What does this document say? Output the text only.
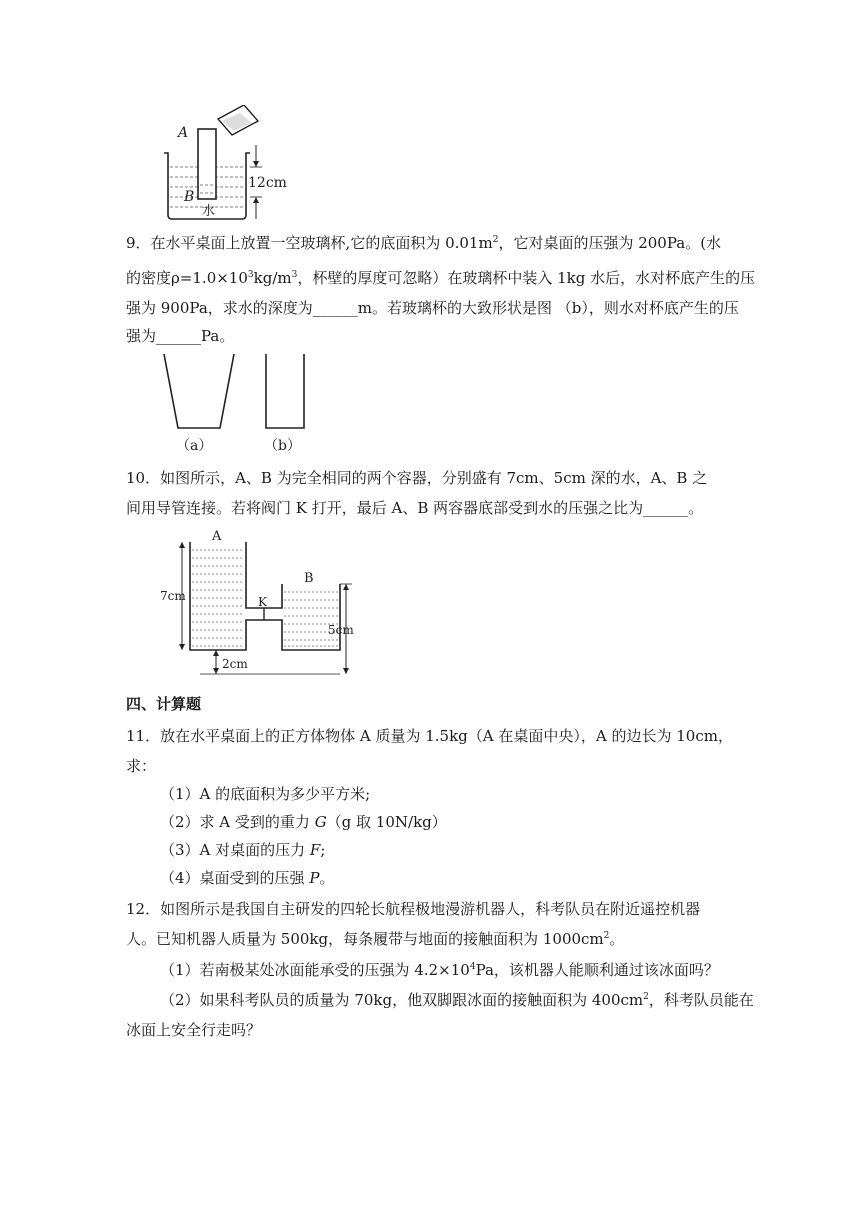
12cm
A
B
水
9．在水平桌面上放置一空玻璃杯,它的底面积为 $0.01m^2$，它对桌面的压强为 200Pa。(水
的密度$\rho=1.0\times 10^3kg/m^3$，杯壁的厚度可忽略）在玻璃杯中装入 1kg 水后，水对杯底产生的压
强为 900Pa，求水的深度为______m。若玻璃杯的大致形状是图 （b），则水对杯底产生的压
强为______Pa。
（a）	（b）
10．如图所示，A、B 为完全相同的两个容器，分别盛有 7cm、5cm 深的水，A、B 之
间用导管连接。若将阀门 K 打开，最后 A、B 两容器底部受到水的压强之比为______。
K
A
B
7cm
5cm
2cm
四、计算题
11．放在水平桌面上的正方体物体 A 质量为 1.5kg（A 在桌面中央），A 的边长为 10cm，
求：
（1）A 的底面积为多少平方米;
（2）求 A 受到的重力 G（g 取 10N/kg）
（3）A 对桌面的压力 F;
（4）桌面受到的压强 P。
12．如图所示是我国自主研发的四轮长航程极地漫游机器人，科考队员在附近遥控机器
人。已知机器人质量为 500kg，每条履带与地面的接触面积为 $1000cm^2$。
（1）若南极某处冰面能承受的压强为 $4.2\times 10^4Pa$，该机器人能顺利通过该冰面吗？
（2）如果科考队员的质量为 70kg，他双脚跟冰面的接触面积为 $400cm^2$，科考队员能在
冰面上安全行走吗？
